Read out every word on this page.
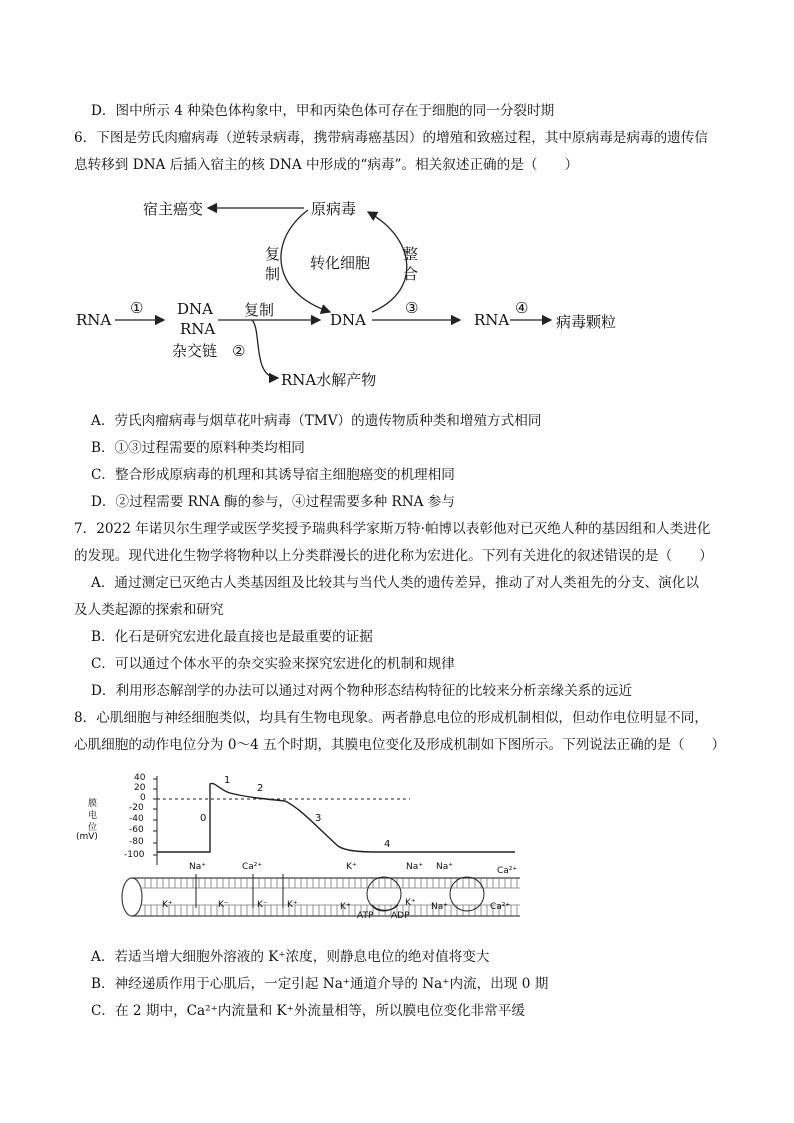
D．图中所示 4 种染色体构象中，甲和丙染色体可存在于细胞的同一分裂时期
6．下图是劳氏肉瘤病毒（逆转录病毒，携带病毒癌基因）的增殖和致癌过程，其中原病毒是病毒的遗传信
息转移到 DNA 后插入宿主的核 DNA 中形成的“病毒”。相关叙述正确的是（　　）
宿主癌变	原病毒
复
制
转化细胞 整
合
RNA
① DNA
RNA
杂交链
复制
DNA
②
RNA水解产物
③
RNA
④
病毒颗粒
A．劳氏肉瘤病毒与烟草花叶病毒（TMV）的遗传物质种类和增殖方式相同
B．①③过程需要的原料种类均相同
C．整合形成原病毒的机理和其诱导宿主细胞癌变的机理相同
D．②过程需要 RNA 酶的参与，④过程需要多种 RNA 参与
7．2022 年诺贝尔生理学或医学奖授予瑞典科学家斯万特·帕博以表彰他对已灭绝人种的基因组和人类进化
的发现。现代进化生物学将物种以上分类群漫长的进化称为宏进化。下列有关进化的叙述错误的是（　　）
A．通过测定已灭绝古人类基因组及比较其与当代人类的遗传差异，推动了对人类祖先的分支、演化以
及人类起源的探索和研究
B．化石是研究宏进化最直接也是最重要的证据
C．可以通过个体水平的杂交实验来探究宏进化的机制和规律
D．利用形态解剖学的办法可以通过对两个物种形态结构特征的比较来分析亲缘关系的远近
8．心肌细胞与神经细胞类似，均具有生物电现象。两者静息电位的形成机制相似，但动作电位明显不同，
心肌细胞的动作电位分为 0～4 五个时期，其膜电位变化及形成机制如下图所示。下列说法正确的是（　　）
膜
电
位
(mV)
40
20
0
-20
-40
-60
-80
-100
0
1
2
3
4
Na⁺	Ca²⁺	K⁺	Na⁺ Na⁺	Ca²⁺
K⁺	K⁻	K⁻ K⁺	K⁺	K⁺ Na⁺	Ca²⁺
ATP ADP
A．若适当增大细胞外溶液的 K⁺浓度，则静息电位的绝对值将变大
B．神经递质作用于心肌后，一定引起 Na⁺通道介导的 Na⁺内流，出现 0 期
C．在 2 期中，Ca²⁺内流量和 K⁺外流量相等，所以膜电位变化非常平缓
